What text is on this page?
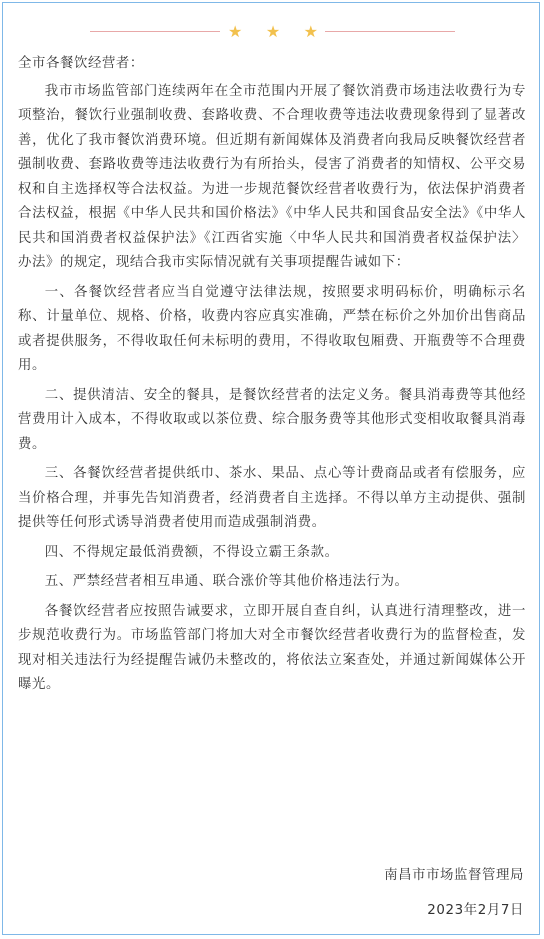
★ ★ ★

全市各餐饮经营者：

我市市场监管部门连续两年在全市范围内开展了餐饮消费市场违法收费行为专项整治，餐饮行业强制收费、套路收费、不合理收费等违法收费现象得到了显著改善，优化了我市餐饮消费环境。但近期有新闻媒体及消费者向我局反映餐饮经营者强制收费、套路收费等违法收费行为有所抬头，侵害了消费者的知情权、公平交易权和自主选择权等合法权益。为进一步规范餐饮经营者收费行为，依法保护消费者合法权益，根据《中华人民共和国价格法》《中华人民共和国食品安全法》《中华人民共和国消费者权益保护法》《江西省实施〈中华人民共和国消费者权益保护法〉办法》的规定，现结合我市实际情况就有关事项提醒告诫如下：

一、各餐饮经营者应当自觉遵守法律法规，按照要求明码标价，明确标示名称、计量单位、规格、价格，收费内容应真实准确，严禁在标价之外加价出售商品或者提供服务，不得收取任何未标明的费用，不得收取包厢费、开瓶费等不合理费用。

二、提供清洁、安全的餐具，是餐饮经营者的法定义务。餐具消毒费等其他经营费用计入成本，不得收取或以茶位费、综合服务费等其他形式变相收取餐具消毒费。

三、各餐饮经营者提供纸巾、茶水、果品、点心等计费商品或者有偿服务，应当价格合理，并事先告知消费者，经消费者自主选择。不得以单方主动提供、强制提供等任何形式诱导消费者使用而造成强制消费。

四、不得规定最低消费额，不得设立霸王条款。

五、严禁经营者相互串通、联合涨价等其他价格违法行为。

各餐饮经营者应按照告诫要求，立即开展自查自纠，认真进行清理整改，进一步规范收费行为。市场监管部门将加大对全市餐饮经营者收费行为的监督检查，发现对相关违法行为经提醒告诫仍未整改的，将依法立案查处，并通过新闻媒体公开曝光。

南昌市市场监督管理局

2023年2月7日
